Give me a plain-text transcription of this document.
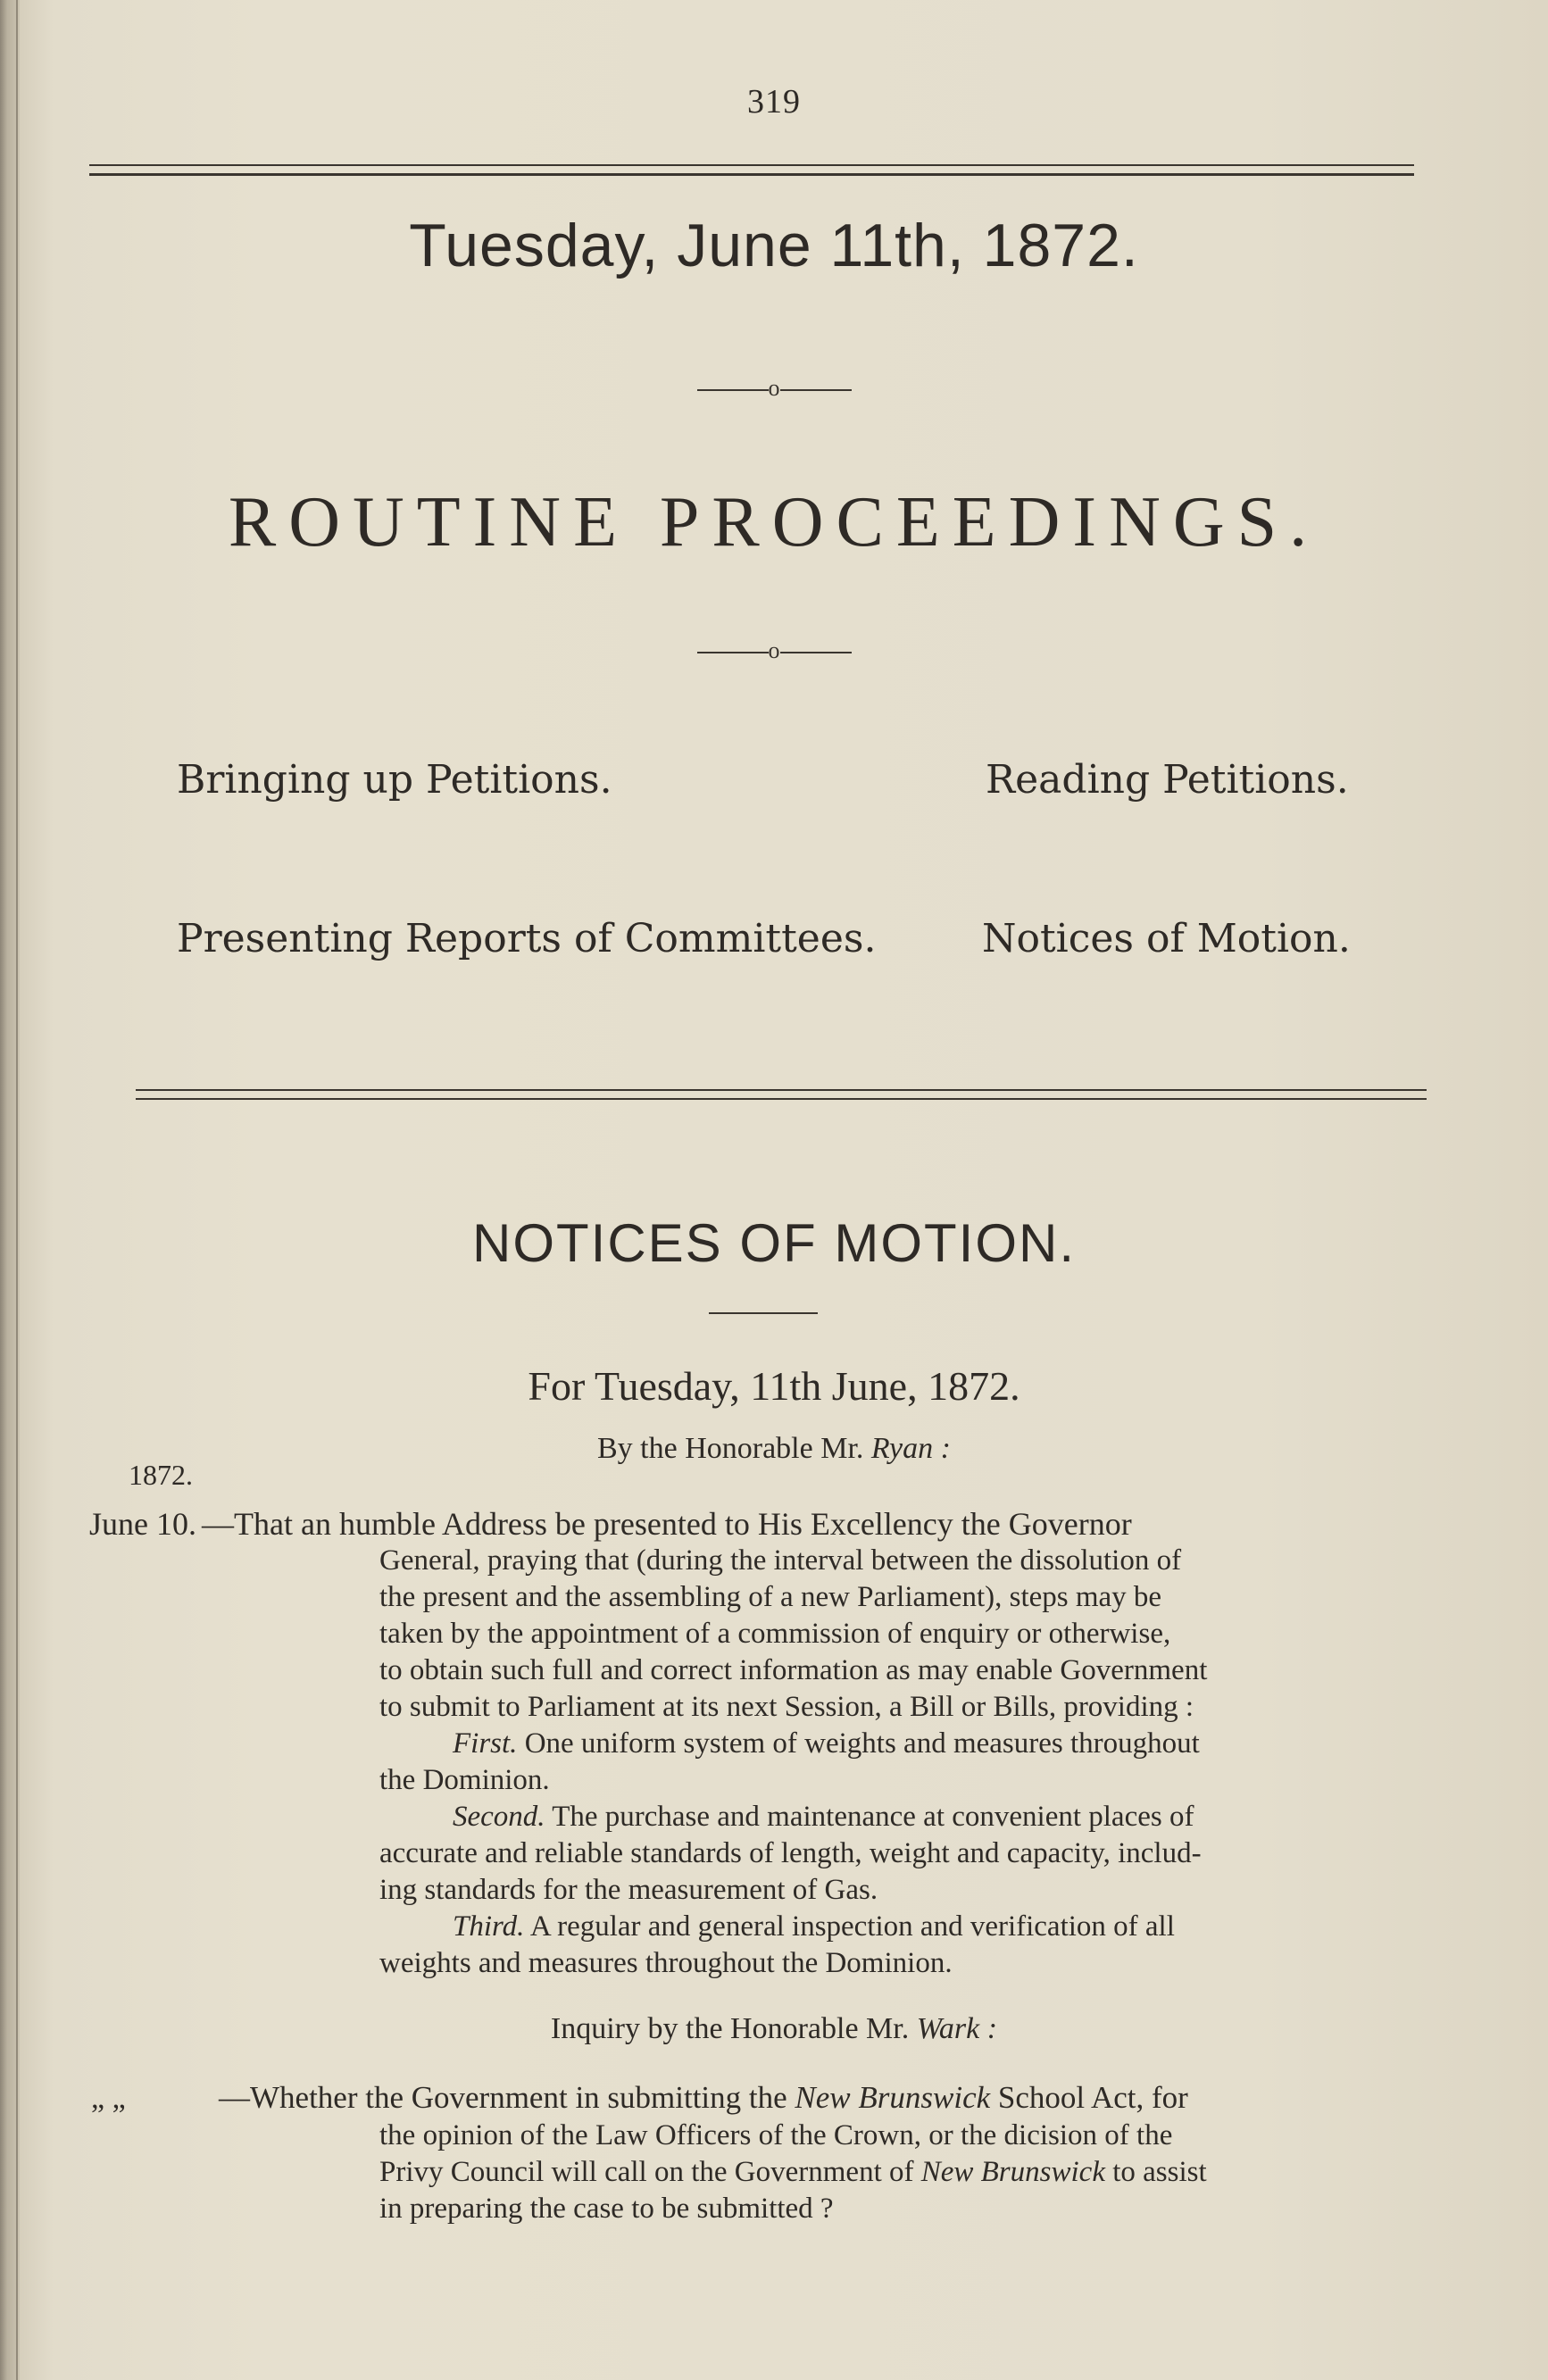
319
Tuesday, June 11th, 1872.
o
ROUTINE PROCEEDINGS.
o
Bringing up Petitions.	Reading Petitions.
Presenting Reports of Committees.	Notices of Motion.
NOTICES OF MOTION.
For Tuesday, 11th June, 1872.
By the Honorable Mr. Ryan :
1872.
June 10. —That an humble Address be presented to His Excellency the Governor
General, praying that (during the interval between the dissolution of
the present and the assembling of a new Parliament), steps may be
taken by the appointment of a commission of enquiry or otherwise,
to obtain such full and correct information as may enable Government
to submit to Parliament at its next Session, a Bill or Bills, providing :
First. One uniform system of weights and measures throughout
the Dominion.
Second. The purchase and maintenance at convenient places of
accurate and reliable standards of length, weight and capacity, includ-
ing standards for the measurement of Gas.
Third. A regular and general inspection and verification of all
weights and measures throughout the Dominion.
Inquiry by the Honorable Mr. Wark :
„ „	—Whether the Government in submitting the New Brunswick School Act, for
the opinion of the Law Officers of the Crown, or the dicision of the
Privy Council will call on the Government of New Brunswick to assist
in preparing the case to be submitted ?
